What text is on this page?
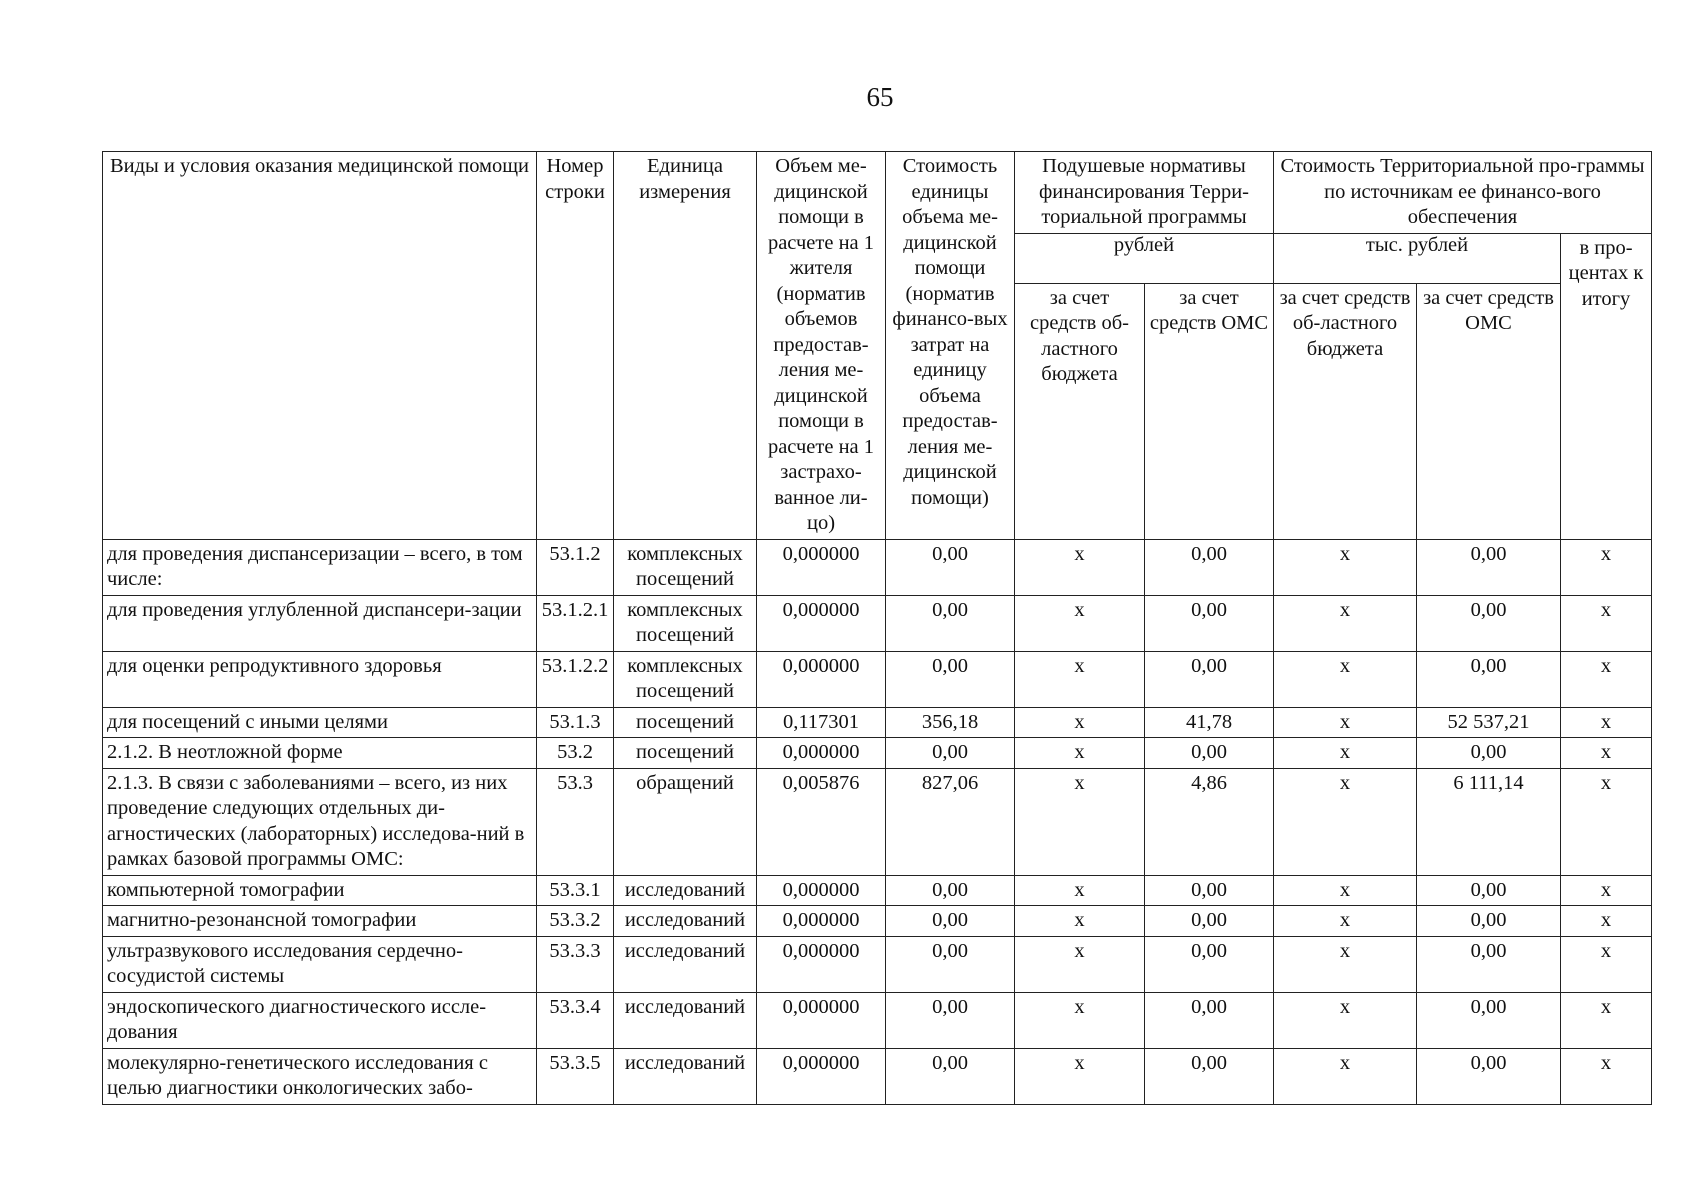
65
Виды и условия оказания медицинской помощи	Номер строки	Единица измерения	Объем ме-дицинской помощи в расчете на 1 жителя (норматив объемов предостав-ления ме-дицинской помощи в расчете на 1 застрахо-ванное ли-цо)	Стоимость единицы объема ме-дицинской помощи (норматив финансо-вых затрат на единицу объема предостав-ления ме-дицинской помощи)	Подушевые нормативы финансирования Терри-ториальной программы		Стоимость Территориальной про-граммы по источникам ее финансо-вого обеспечения		
					рублей		тыс. рублей		в про-центах к итогу
					за счет средств об-ластного бюджета	за счет средств ОМС	за счет средств об-ластного бюджета	за счет средств ОМС	
для проведения диспансеризации – всего, в том числе:	53.1.2	комплексных посещений	0,000000	0,00	x	0,00	x	0,00	x
для проведения углубленной диспансери-зации	53.1.2.1	комплексных посещений	0,000000	0,00	x	0,00	x	0,00	x
для оценки репродуктивного здоровья	53.1.2.2	комплексных посещений	0,000000	0,00	x	0,00	x	0,00	x
для посещений с иными целями	53.1.3	посещений	0,117301	356,18	x	41,78	x	52 537,21	x
2.1.2. В неотложной форме	53.2	посещений	0,000000	0,00	x	0,00	x	0,00	x
2.1.3. В связи с заболеваниями – всего, из них проведение следующих отдельных ди-агностических (лабораторных) исследова-ний в рамках базовой программы ОМС:	53.3	обращений	0,005876	827,06	x	4,86	x	6 111,14	x
компьютерной томографии	53.3.1	исследований	0,000000	0,00	x	0,00	x	0,00	x
магнитно-резонансной томографии	53.3.2	исследований	0,000000	0,00	x	0,00	x	0,00	x
ультразвукового исследования сердечно-сосудистой системы	53.3.3	исследований	0,000000	0,00	x	0,00	x	0,00	x
эндоскопического диагностического иссле-дования	53.3.4	исследований	0,000000	0,00	x	0,00	x	0,00	x
молекулярно-генетического исследования с целью диагностики онкологических забо-	53.3.5	исследований	0,000000	0,00	x	0,00	x	0,00	x
